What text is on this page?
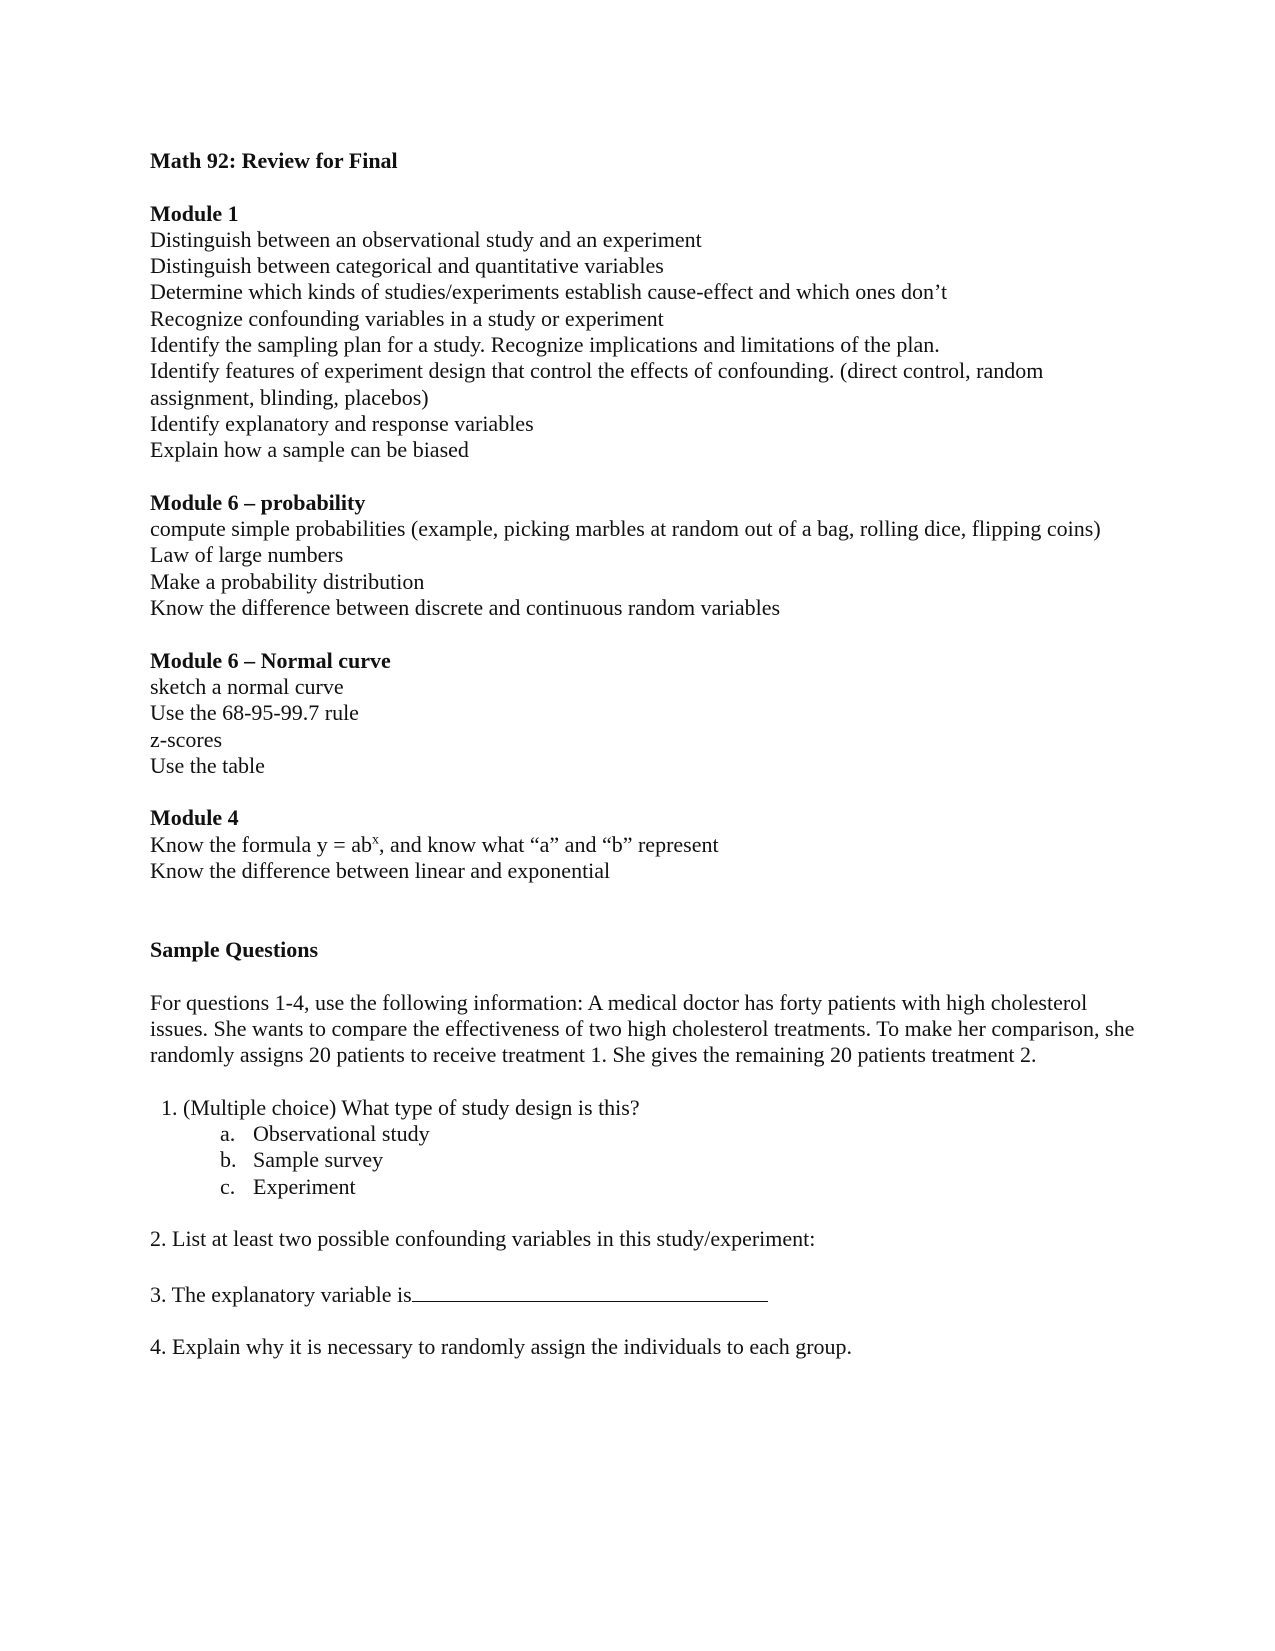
Math 92: Review for Final
Module 1
Distinguish between an observational study and an experiment
Distinguish between categorical and quantitative variables
Determine which kinds of studies/experiments establish cause-effect and which ones don’t
Recognize confounding variables in a study or experiment
Identify the sampling plan for a study. Recognize implications and limitations of the plan.
Identify features of experiment design that control the effects of confounding. (direct control, random assignment, blinding, placebos)
Identify explanatory and response variables
Explain how a sample can be biased
Module 6 – probability
compute simple probabilities (example, picking marbles at random out of a bag, rolling dice, flipping coins)
Law of large numbers
Make a probability distribution
Know the difference between discrete and continuous random variables
Module 6 – Normal curve
sketch a normal curve
Use the 68-95-99.7 rule
z-scores
Use the table
Module 4
Know the formula $y = ab^x$, and know what “a” and “b” represent
Know the difference between linear and exponential
Sample Questions
For questions 1-4, use the following information: A medical doctor has forty patients with high cholesterol issues. She wants to compare the effectiveness of two high cholesterol treatments. To make her comparison, she randomly assigns 20 patients to receive treatment 1. She gives the remaining 20 patients treatment 2.
1. (Multiple choice) What type of study design is this?
a. Observational study
b. Sample survey
c. Experiment
2. List at least two possible confounding variables in this study/experiment:
3. The explanatory variable is
4. Explain why it is necessary to randomly assign the individuals to each group.
